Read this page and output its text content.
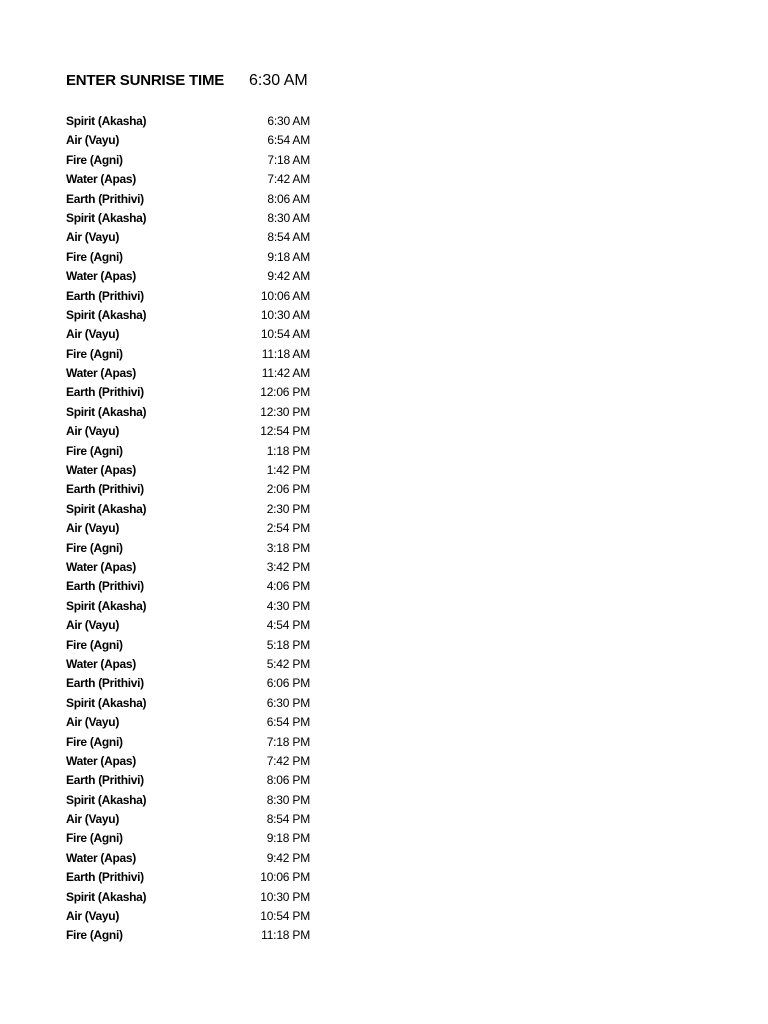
ENTER SUNRISE TIME 6:30 AM
Spirit (Akasha)	6:30 AM
Air (Vayu)	6:54 AM
Fire (Agni)	7:18 AM
Water (Apas)	7:42 AM
Earth (Prithivi)	8:06 AM
Spirit (Akasha)	8:30 AM
Air (Vayu)	8:54 AM
Fire (Agni)	9:18 AM
Water (Apas)	9:42 AM
Earth (Prithivi)	10:06 AM
Spirit (Akasha)	10:30 AM
Air (Vayu)	10:54 AM
Fire (Agni)	11:18 AM
Water (Apas)	11:42 AM
Earth (Prithivi)	12:06 PM
Spirit (Akasha)	12:30 PM
Air (Vayu)	12:54 PM
Fire (Agni)	1:18 PM
Water (Apas)	1:42 PM
Earth (Prithivi)	2:06 PM
Spirit (Akasha)	2:30 PM
Air (Vayu)	2:54 PM
Fire (Agni)	3:18 PM
Water (Apas)	3:42 PM
Earth (Prithivi)	4:06 PM
Spirit (Akasha)	4:30 PM
Air (Vayu)	4:54 PM
Fire (Agni)	5:18 PM
Water (Apas)	5:42 PM
Earth (Prithivi)	6:06 PM
Spirit (Akasha)	6:30 PM
Air (Vayu)	6:54 PM
Fire (Agni)	7:18 PM
Water (Apas)	7:42 PM
Earth (Prithivi)	8:06 PM
Spirit (Akasha)	8:30 PM
Air (Vayu)	8:54 PM
Fire (Agni)	9:18 PM
Water (Apas)	9:42 PM
Earth (Prithivi)	10:06 PM
Spirit (Akasha)	10:30 PM
Air (Vayu)	10:54 PM
Fire (Agni)	11:18 PM
